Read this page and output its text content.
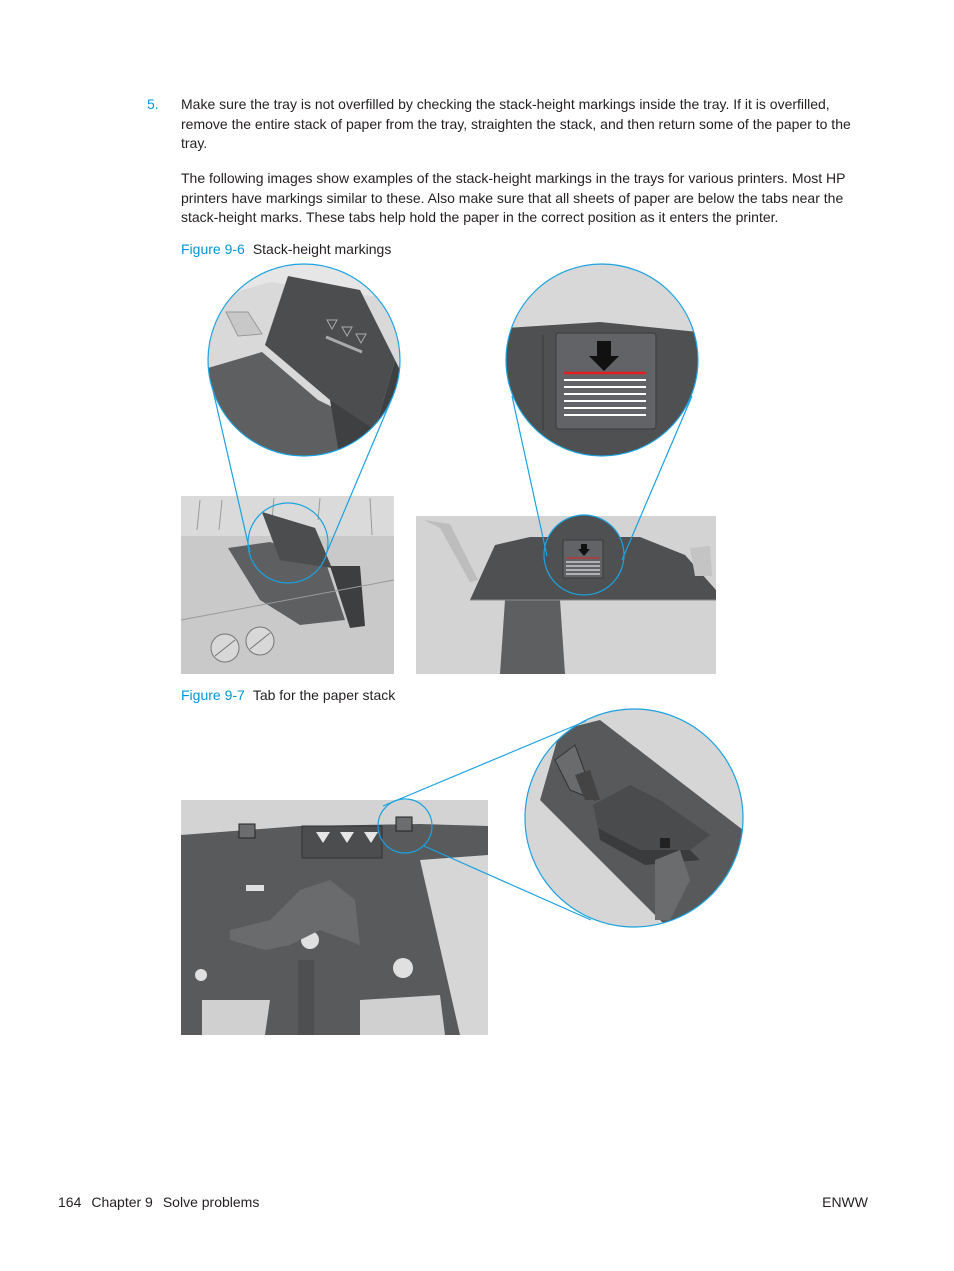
5. Make sure the tray is not overfilled by checking the stack-height markings inside the tray. If it is overfilled, remove the entire stack of paper from the tray, straighten the stack, and then return some of the paper to the tray.
The following images show examples of the stack-height markings in the trays for various printers. Most HP printers have markings similar to these. Also make sure that all sheets of paper are below the tabs near the stack-height marks. These tabs help hold the paper in the correct position as it enters the printer.
Figure 9-6 Stack-height markings
Figure 9-7 Tab for the paper stack
164 Chapter 9 Solve problems	ENWW
